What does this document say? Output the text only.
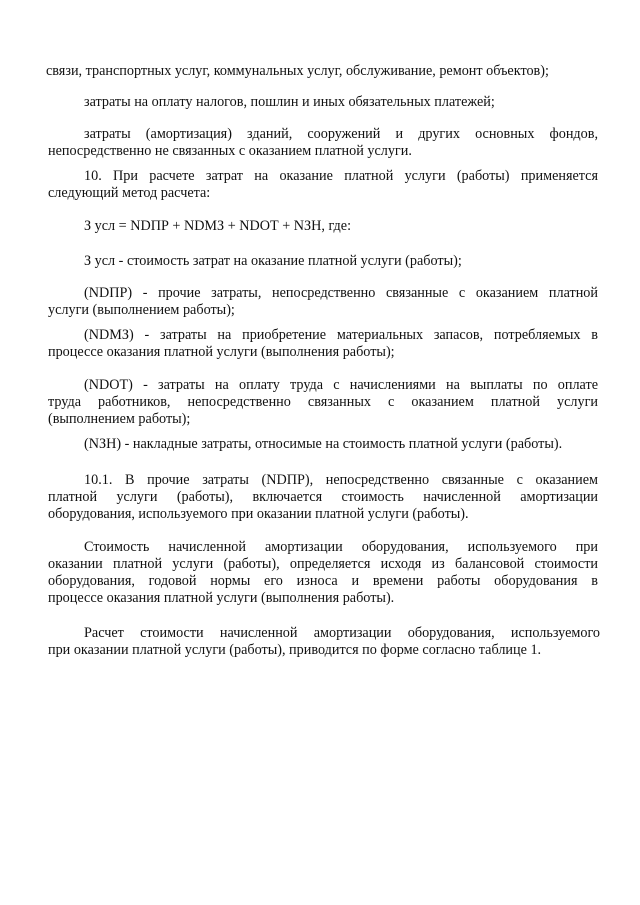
связи, транспортных услуг, коммунальных услуг, обслуживание, ремонт объектов);
затраты на оплату налогов, пошлин и иных обязательных платежей;
затраты (амортизация) зданий, сооружений и других основных фондов,
непосредственно не связанных с оказанием платной услуги.
10. При расчете затрат на оказание платной услуги (работы) применяется
следующий метод расчета:
З усл = NDПР + NDМЗ + NDОТ + NЗН, где:
З усл - стоимость затрат на оказание платной услуги (работы);
(NDПР) - прочие затраты, непосредственно связанные с оказанием платной
услуги (выполнением работы);
(NDМЗ) - затраты на приобретение материальных запасов, потребляемых в
процессе оказания платной услуги (выполнения работы);
(NDОТ) - затраты на оплату труда с начислениями на выплаты по оплате
труда работников, непосредственно связанных с оказанием платной услуги
(выполнением работы);
(NЗН) - накладные затраты, относимые на стоимость платной услуги (работы).
10.1. В прочие затраты (NDПР), непосредственно связанные с оказанием
платной услуги (работы), включается стоимость начисленной амортизации
оборудования, используемого при оказании платной услуги (работы).
Стоимость начисленной амортизации оборудования, используемого при
оказании платной услуги (работы), определяется исходя из балансовой стоимости
оборудования, годовой нормы его износа и времени работы оборудования в
процессе оказания платной услуги (выполнения работы).
Расчет стоимости начисленной амортизации оборудования, используемого
при оказании платной услуги (работы), приводится по форме согласно таблице 1.
